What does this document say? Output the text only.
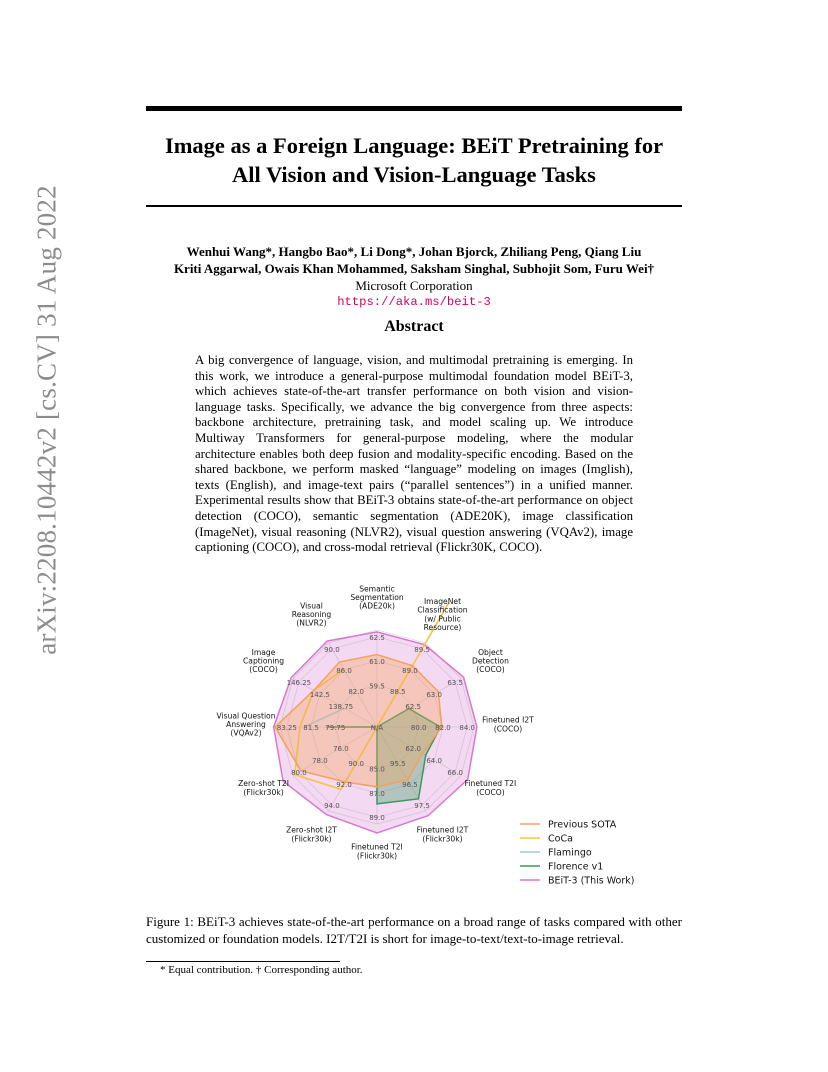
arXiv:2208.10442v2 [cs.CV] 31 Aug 2022
Image as a Foreign Language: BEiT Pretraining for
All Vision and Vision-Language Tasks
Wenhui Wang*, Hangbo Bao*, Li Dong*, Johan Bjorck, Zhiliang Peng, Qiang Liu
Kriti Aggarwal, Owais Khan Mohammed, Saksham Singhal, Subhojit Som, Furu Wei†
Microsoft Corporation
https://aka.ms/beit-3
Abstract
A big convergence of language, vision, and multimodal pretraining is emerging. In this work, we introduce a general-purpose multimodal foundation model BEiT-3, which achieves state-of-the-art transfer performance on both vision and vision-language tasks. Specifically, we advance the big convergence from three aspects: backbone architecture, pretraining task, and model scaling up. We introduce Multiway Transformers for general-purpose modeling, where the modular architecture enables both deep fusion and modality-specific encoding. Based on the shared backbone, we perform masked “language” modeling on images (Imglish), texts (English), and image-text pairs (“parallel sentences”) in a unified manner. Experimental results show that BEiT-3 obtains state-of-the-art performance on object detection (COCO), semantic segmentation (ADE20K), image classification (ImageNet), visual reasoning (NLVR2), visual question answering (VQAv2), image captioning (COCO), and cross-modal retrieval (Flickr30K, COCO).
59.5
61.0
62.5
88.5
89.0
89.5
62.5
63.0
63.5
80.0 82.0 84.0
62.0
64.0
66.0
95.5
96.5
97.5
85.0
87.0
89.0
90.0
92.0
94.0
76.0
78.0
80.0
79.75
81.5
83.25
138.75
142.5
146.25
82.0
86.0
90.0
N/A
Semantic Segmentation (ADE20k)	ImageNet Classification (w/ Public Resource)
Object Detection (COCO)
Finetuned I2T (COCO)
Finetuned T2I (COCO)
Finetuned I2T (Flickr30k)
Finetuned T2I (Flickr30k)
Zero-shot I2T (Flickr30k)
Zero-shot T2I (Flickr30k)
Visual Question Answering (VQAv2)
Image Captioning (COCO)
Visual Reasoning (NLVR2)
Previous SOTA
CoCa
Flamingo
Florence v1
BEiT-3 (This Work)
Figure 1: BEiT-3 achieves state-of-the-art performance on a broad range of tasks compared with other customized or foundation models. I2T/T2I is short for image-to-text/text-to-image retrieval.
* Equal contribution. † Corresponding author.
